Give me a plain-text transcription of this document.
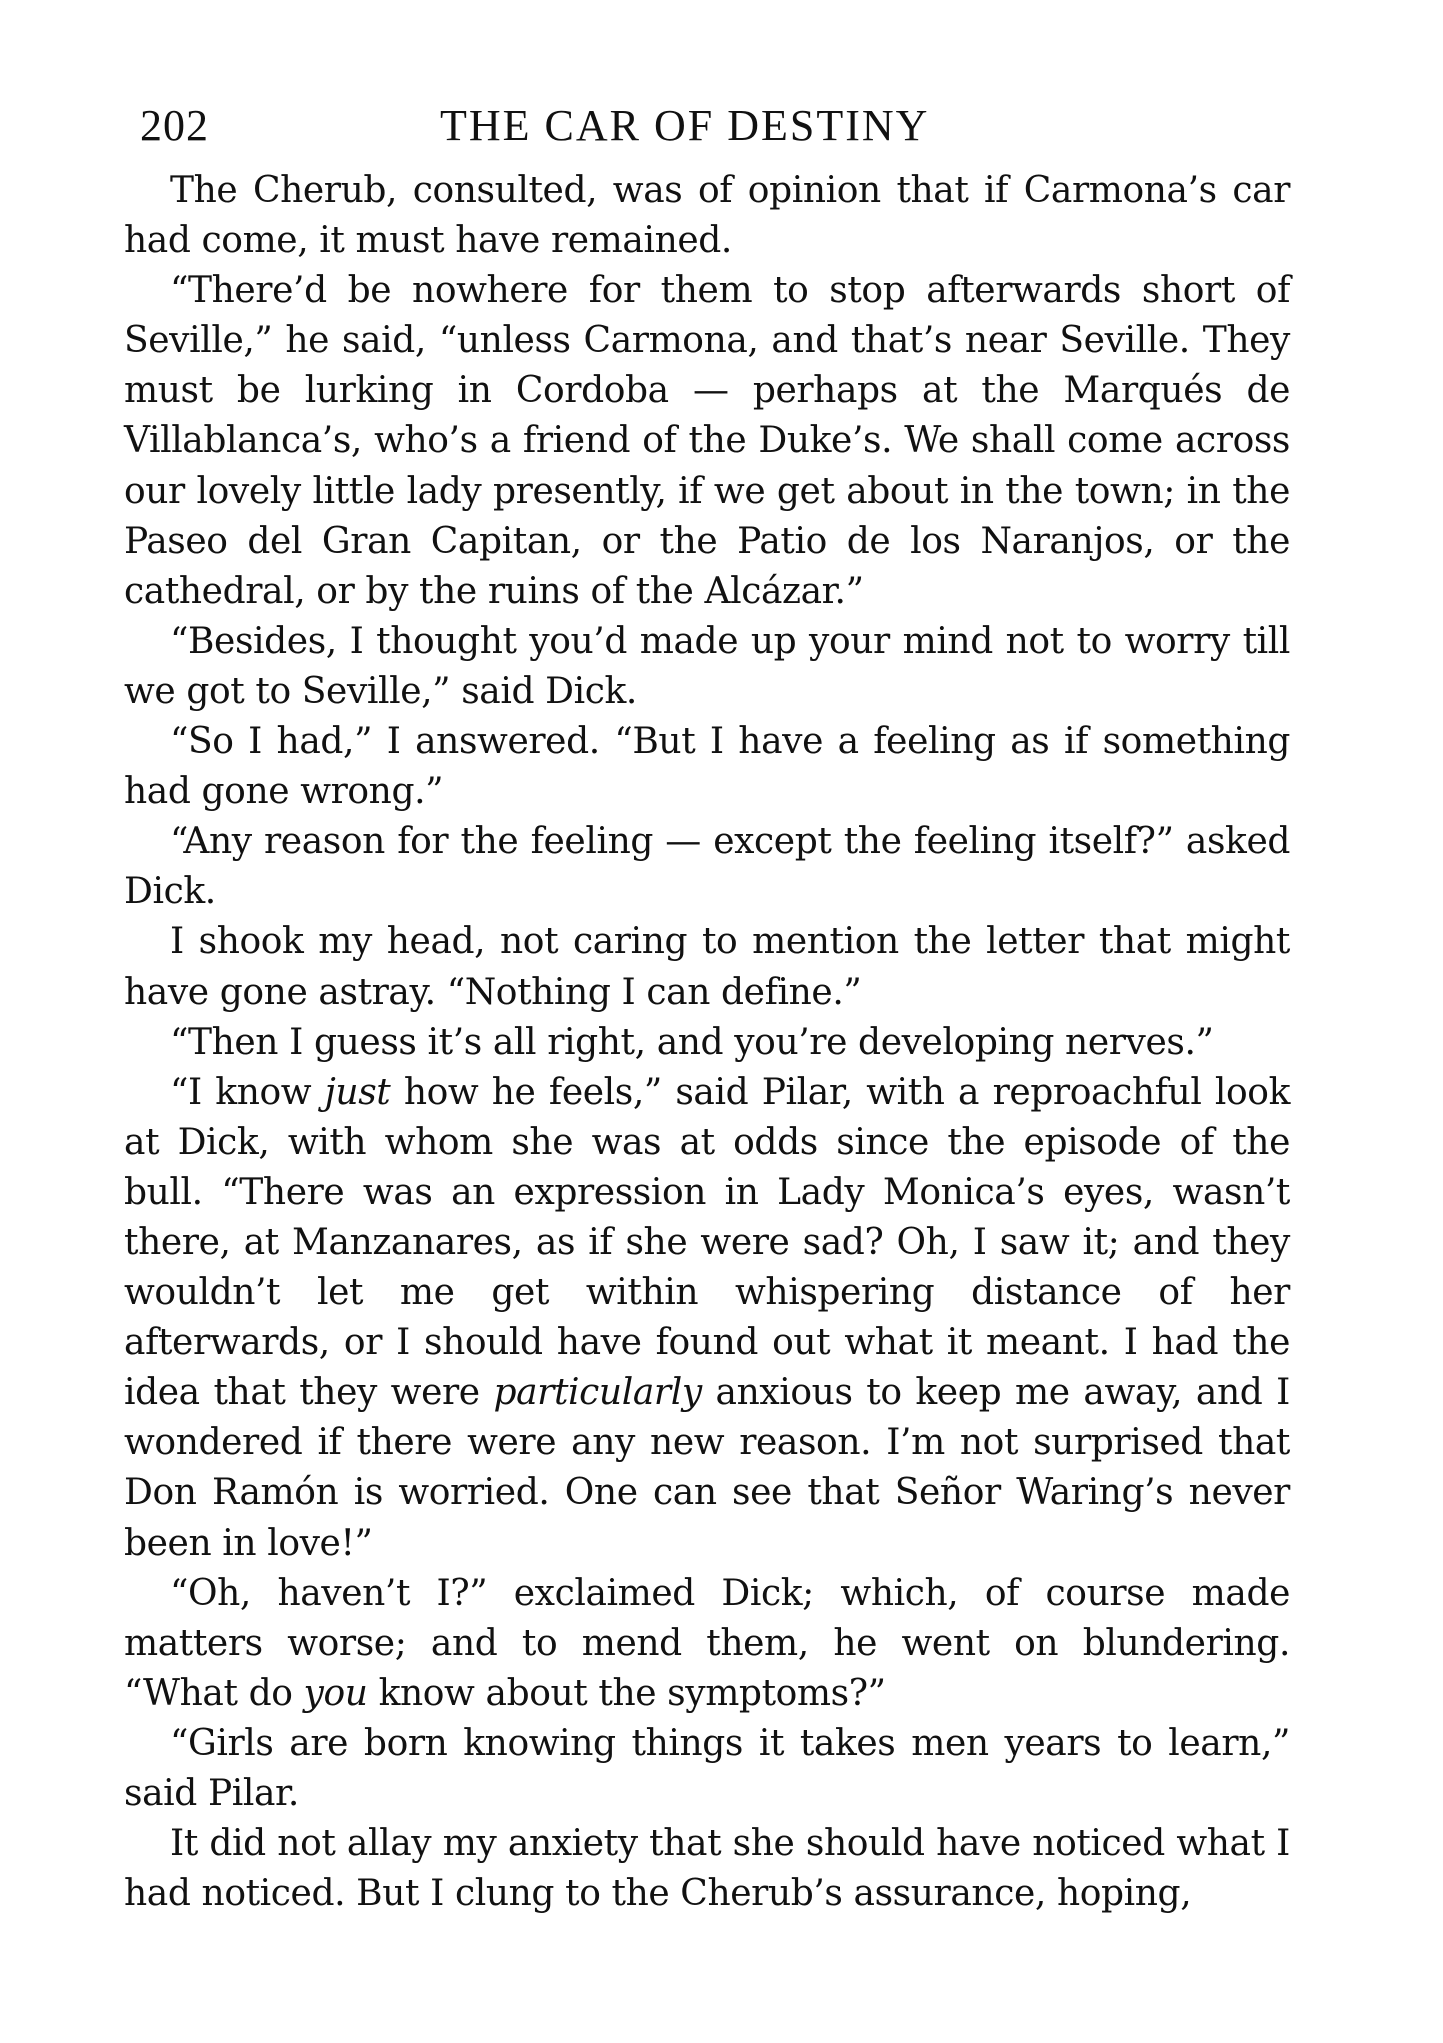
202	THE CAR OF DESTINY

The Cherub, consulted, was of opinion that if Carmona’s car had come, it must have remained.

“There’d be nowhere for them to stop afterwards short of Seville,” he said, “unless Carmona, and that’s near Seville. They must be lurking in Cordoba — perhaps at the Marqués de Villablanca’s, who’s a friend of the Duke’s. We shall come across our lovely little lady presently, if we get about in the town; in the Paseo del Gran Capitan, or the Patio de los Naranjos, or the cathedral, or by the ruins of the Alcázar.”

“Besides, I thought you’d made up your mind not to worry till we got to Seville,” said Dick.

“So I had,” I answered. “But I have a feeling as if something had gone wrong.”

“Any reason for the feeling — except the feeling itself?” asked Dick.

I shook my head, not caring to mention the letter that might have gone astray. “Nothing I can define.”

“Then I guess it’s all right, and you’re developing nerves.”

“I know just how he feels,” said Pilar, with a reproachful look at Dick, with whom she was at odds since the episode of the bull. “There was an expression in Lady Monica’s eyes, wasn’t there, at Manzanares, as if she were sad? Oh, I saw it; and they wouldn’t let me get within whispering distance of her afterwards, or I should have found out what it meant. I had the idea that they were particularly anxious to keep me away, and I wondered if there were any new reason. I’m not surprised that Don Ramón is worried. One can see that Señor Waring’s never been in love!”

“Oh, haven’t I?” exclaimed Dick; which, of course made matters worse; and to mend them, he went on blundering. “What do you know about the symptoms?”

“Girls are born knowing things it takes men years to learn,” said Pilar.

It did not allay my anxiety that she should have noticed what I had noticed. But I clung to the Cherub’s assurance, hoping,
